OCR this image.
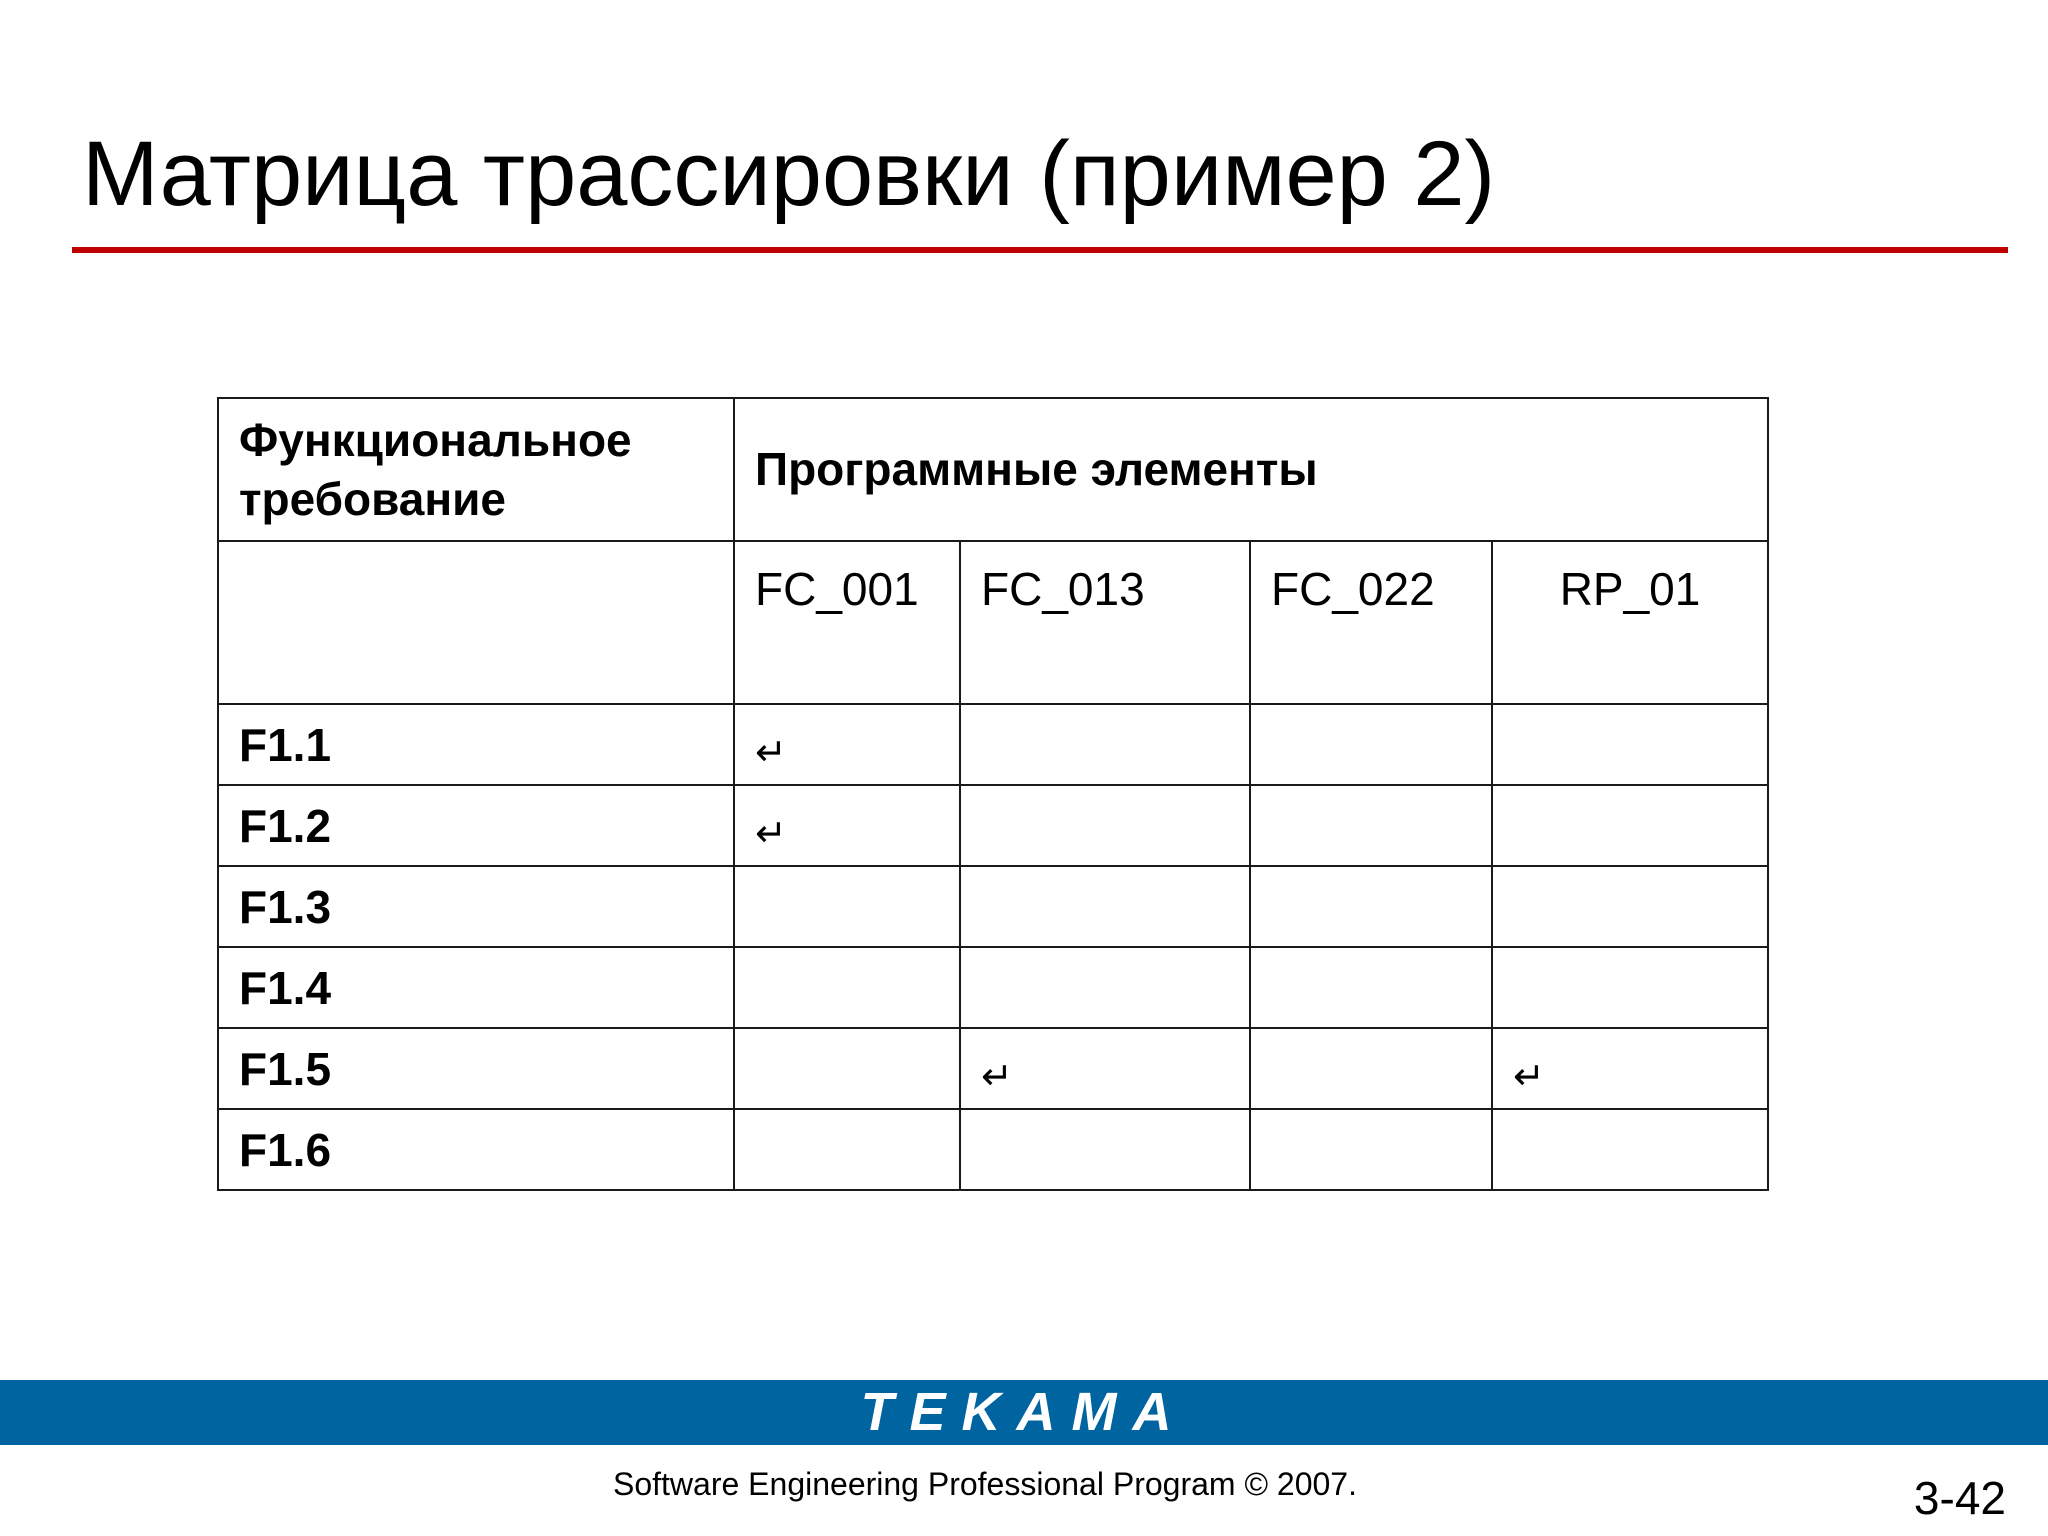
Матрица трассировки (пример 2)
Функциональное
требование	Программные элементы			
	FC_001	FC_013	FC_022	RP_01
F1.1	↵			
F1.2	↵			
F1.3				
F1.4				
F1.5		↵		↵
F1.6				
TEKAMA
Software Engineering Professional Program © 2007.	3-42
